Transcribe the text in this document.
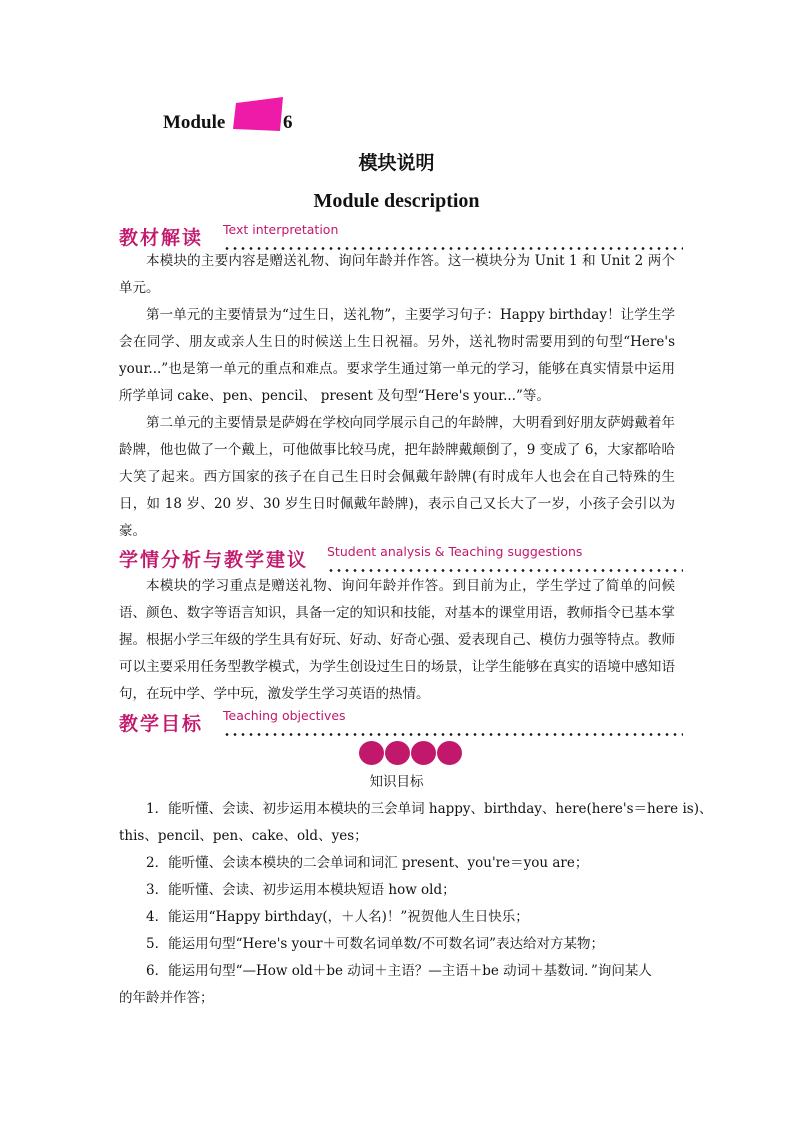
Module	6
模块说明
Module description
教材解读 Text interpretation

本模块的主要内容是赠送礼物、询问年龄并作答。这一模块分为 Unit 1 和 Unit 2 两个单元。

第一单元的主要情景为“过生日，送礼物”，主要学习句子：Happy birthday！让学生学会在同学、朋友或亲人生日的时候送上生日祝福。另外，送礼物时需要用到的句型“Here's your...”也是第一单元的重点和难点。要求学生通过第一单元的学习，能够在真实情景中运用所学单词 cake、pen、pencil、 present 及句型“Here's your...”等。

第二单元的主要情景是萨姆在学校向同学展示自己的年龄牌，大明看到好朋友萨姆戴着年龄牌，他也做了一个戴上，可他做事比较马虎，把年龄牌戴颠倒了，9 变成了 6，大家都哈哈大笑了起来。西方国家的孩子在自己生日时会佩戴年龄牌(有时成年人也会在自己特殊的生日，如 18 岁、20 岁、30 岁生日时佩戴年龄牌)，表示自己又长大了一岁，小孩子会引以为豪。

学情分析与教学建议 Student analysis & Teaching suggestions

本模块的学习重点是赠送礼物、询问年龄并作答。到目前为止，学生学过了简单的问候语、颜色、数字等语言知识，具备一定的知识和技能，对基本的课堂用语，教师指令已基本掌握。根据小学三年级的学生具有好玩、好动、好奇心强、爱表现自己、模仿力强等特点。教师可以主要采用任务型教学模式，为学生创设过生日的场景，让学生能够在真实的语境中感知语句，在玩中学、学中玩，激发学生学习英语的热情。

教学目标 Teaching objectives
知识目标
1．能听懂、会读、初步运用本模块的三会单词 happy、birthday、here(here's＝here is)、
this、pencil、pen、cake、old、yes；
2．能听懂、会读本模块的二会单词和词汇 present、you're＝you are；
3．能听懂、会读、初步运用本模块短语 how old；
4．能运用“Happy birthday(，＋人名)！”祝贺他人生日快乐；
5．能运用句型“Here's your＋可数名词单数/不可数名词”表达给对方某物；
6．能运用句型“—How old＋be 动词＋主语？—主语＋be 动词＋基数词．”询问某人
的年龄并作答；
